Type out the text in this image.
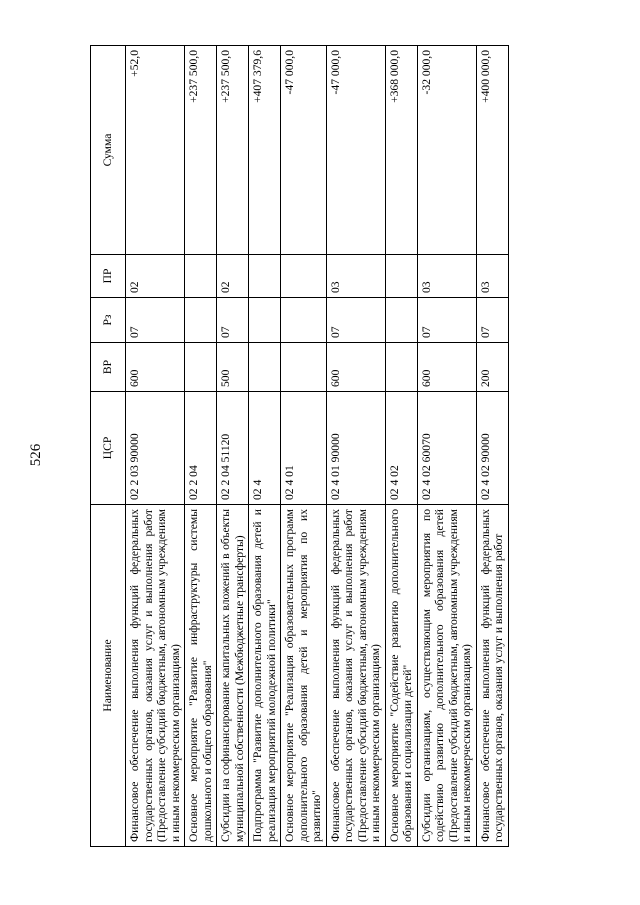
526
Наименование	ЦСР	ВР	Рз	ПР	Сумма
Финансовое обеспечение выполнения функций федеральных государственных органов, оказания услуг и выполнения работ (Предоставление субсидий бюджетным, автономным учреждениям и иным некоммерческим организациям)	02 2 03 90000	600	07	02	+52,0
Основное мероприятие "Развитие инфраструктуры системы дошкольного и общего образования"	02 2 04				+237 500,0
Субсидии на софинансирование капитальных вложений в объекты муниципальной собственности (Межбюджетные трансферты)	02 2 04 51120	500	07	02	+237 500,0
Подпрограмма "Развитие дополнительного образования детей и реализация мероприятий молодежной политики"	02 4				+407 379,6
Основное мероприятие "Реализация образовательных программ дополнительного образования детей и мероприятия по их развитию"	02 4 01				-47 000,0
Финансовое обеспечение выполнения функций федеральных государственных органов, оказания услуг и выполнения работ (Предоставление субсидий бюджетным, автономным учреждениям и иным некоммерческим организациям)	02 4 01 90000	600	07	03	-47 000,0
Основное мероприятие "Содействие развитию дополнительного образования и социализации детей"	02 4 02				+368 000,0
Субсидии организациям, осуществляющим мероприятия по содействию развитию дополнительного образования детей (Предоставление субсидий бюджетным, автономным учреждениям и иным некоммерческим организациям)	02 4 02 60070	600	07	03	-32 000,0
Финансовое обеспечение выполнения функций федеральных государственных органов, оказания услуг и выполнения работ	02 4 02 90000	200	07	03	+400 000,0
